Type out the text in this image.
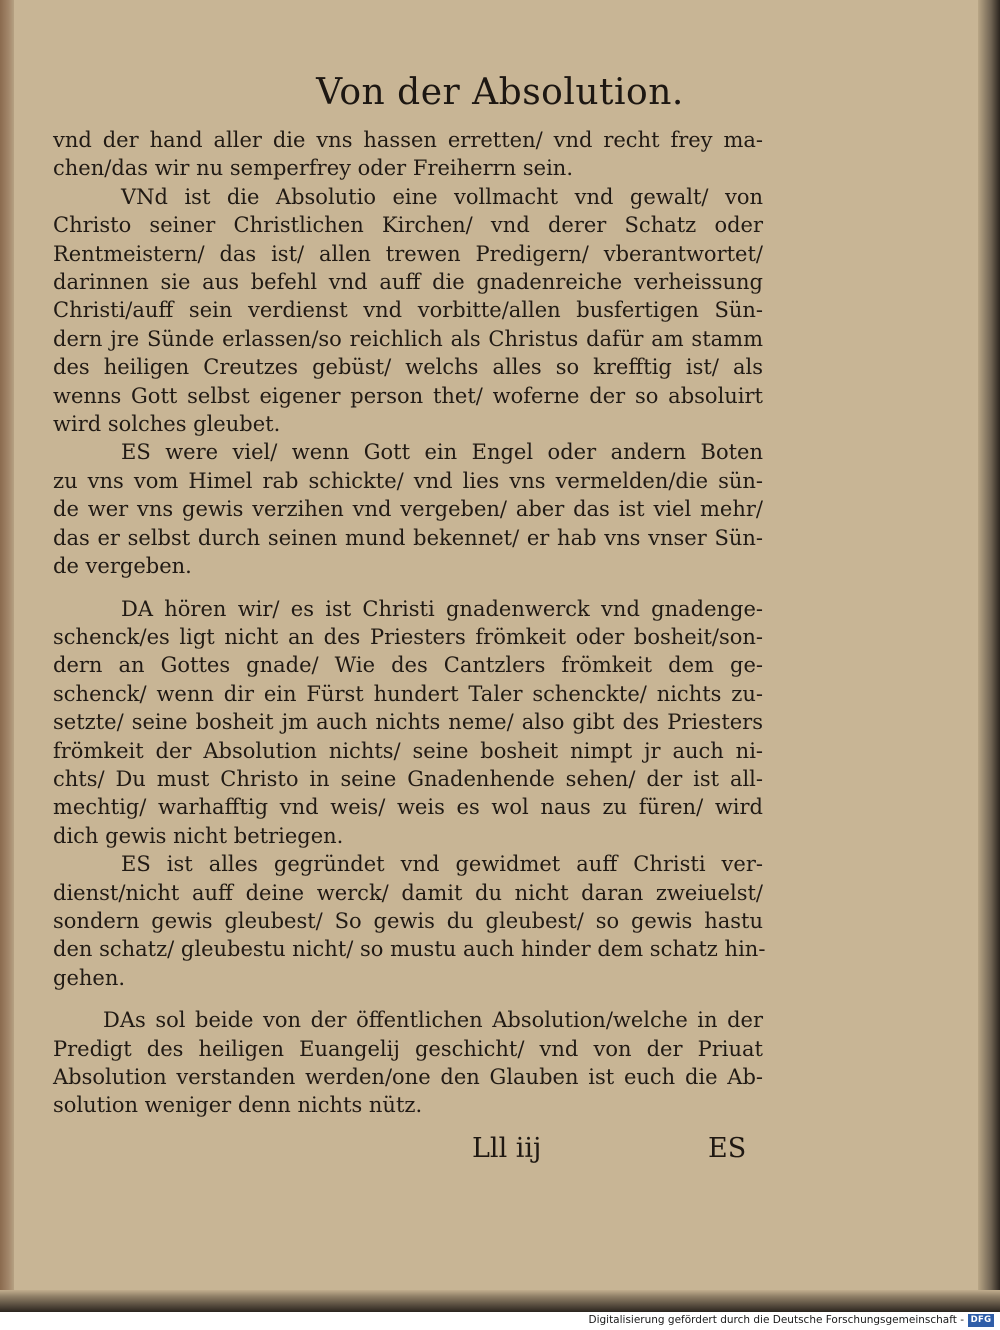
Von der Absolution.

vnd der hand aller die vns hassen erretten/ vnd recht frey ma-
chen/das wir nu semperfrey oder Freiherrn sein.

VNd ist die Absolutio eine vollmacht vnd gewalt/ von
Christo seiner Christlichen Kirchen/ vnd derer Schatz oder
Rentmeistern/ das ist/ allen trewen Predigern/ vberantwortet/
darinnen sie aus befehl vnd auff die gnadenreiche verheissung
Christi/auff sein verdienst vnd vorbitte/allen busfertigen Sün-
dern jre Sünde erlassen/so reichlich als Christus dafür am stamm
des heiligen Creutzes gebüst/ welchs alles so krefftig ist/ als
wenns Gott selbst eigener person thet/ woferne der so absoluirt
wird solches gleubet.

ES were viel/ wenn Gott ein Engel oder andern Boten
zu vns vom Himel rab schickte/ vnd lies vns vermelden/die sün-
de wer vns gewis verzihen vnd vergeben/ aber das ist viel mehr/
das er selbst durch seinen mund bekennet/ er hab vns vnser Sün-
de vergeben.

DA hören wir/ es ist Christi gnadenwerck vnd gnadenge-
schenck/es ligt nicht an des Priesters frömkeit oder bosheit/son-
dern an Gottes gnade/ Wie des Cantzlers frömkeit dem ge-
schenck/ wenn dir ein Fürst hundert Taler schenckte/ nichts zu-
setzte/ seine bosheit jm auch nichts neme/ also gibt des Priesters
frömkeit der Absolution nichts/ seine bosheit nimpt jr auch ni-
chts/ Du must Christo in seine Gnadenhende sehen/ der ist all-
mechtig/ warhafftig vnd weis/ weis es wol naus zu füren/ wird
dich gewis nicht betriegen.

ES ist alles gegründet vnd gewidmet auff Christi ver-
dienst/nicht auff deine werck/ damit du nicht daran zweiuelst/
sondern gewis gleubest/ So gewis du gleubest/ so gewis hastu
den schatz/ gleubestu nicht/ so mustu auch hinder dem schatz hin-
gehen.

DAs sol beide von der öffentlichen Absolution/welche in der
Predigt des heiligen Euangelij geschicht/ vnd von der Priuat
Absolution verstanden werden/one den Glauben ist euch die Ab-
solution weniger denn nichts nütz.

Lll iij	ES
Digitalisierung gefördert durch die Deutsche Forschungsgemeinschaft - DFG
